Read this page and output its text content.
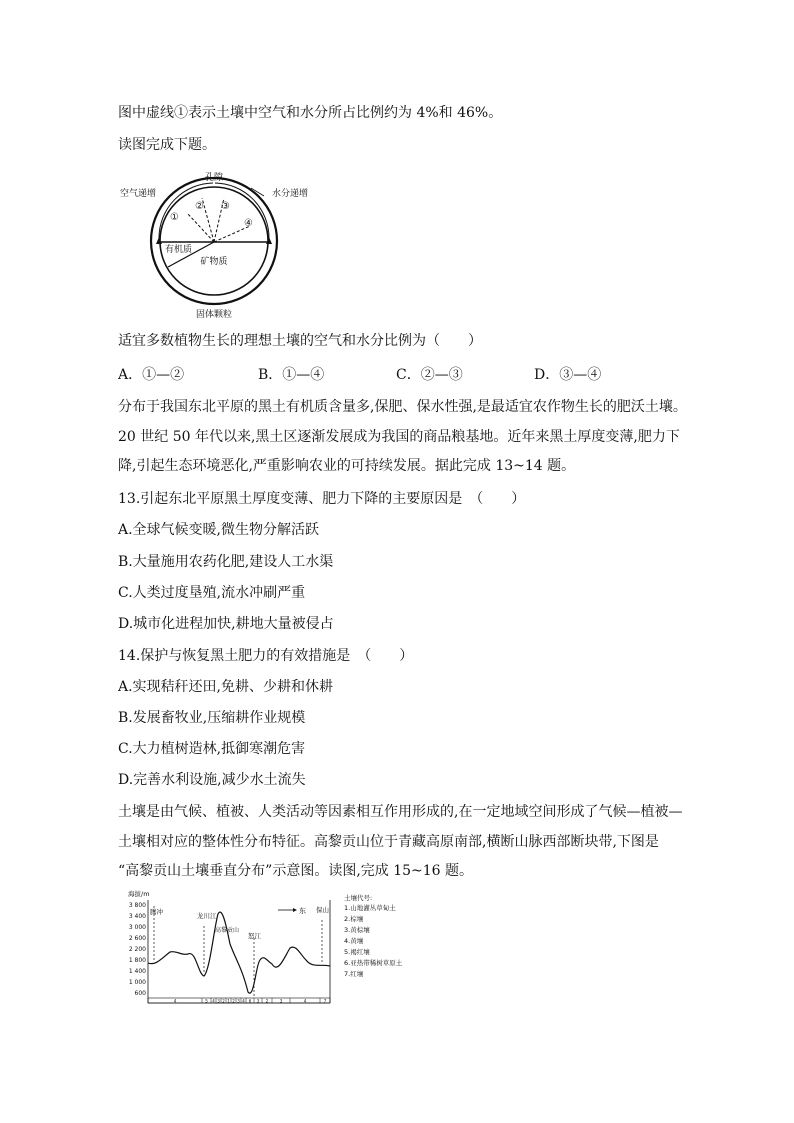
图中虚线①表示土壤中空气和水分所占比例约为 4%和 46%。
读图完成下题。
孔隙
空气递增	水分递增
①
② ③
④
有机质
矿物质
固体颗粒
适宜多数植物生长的理想土壤的空气和水分比例为（　　）
A．①—②	B．①—④	C．②—③	D．③—④
分布于我国东北平原的黑土有机质含量多,保肥、保水性强,是最适宜农作物生长的肥沃土壤。
20 世纪 50 年代以来,黑土区逐渐发展成为我国的商品粮基地。近年来黑土厚度变薄,肥力下
降,引起生态环境恶化,严重影响农业的可持续发展。据此完成 13~14 题。
13.引起东北平原黑土厚度变薄、肥力下降的主要原因是　（　　）
A.全球气候变暖,微生物分解活跃
B.大量施用农药化肥,建设人工水渠
C.人类过度垦殖,流水冲刷严重
D.城市化进程加快,耕地大量被侵占
14.保护与恢复黑土肥力的有效措施是　（　　）
A.实现秸秆还田,免耕、少耕和休耕
B.发展畜牧业,压缩耕作业规模
C.大力植树造林,抵御寒潮危害
D.完善水利设施,减少水土流失
土壤是由气候、植被、人类活动等因素相互作用形成的,在一定地域空间形成了气候—植被—
土壤相对应的整体性分布特征。高黎贡山位于青藏高原南部,横断山脉西部断块带,下图是
“高黎贡山土壤垂直分布”示意图。读图,完成 15~16 题。
海拔/m
3 800
3 400
3 000
2 600
2 200
1 800
1 400
1 000
600
腾冲	龙川江
高黎贡山
怒江
保山
东
4	5 4 3 2 1 2 3 4 6 3 2	3	4	7
土壤代号:
1.山地灌丛草甸土
2.棕壤
3.黄棕壤
4.黄壤
5.褐红壤
6.亚热带稀树草原土
7.红壤
